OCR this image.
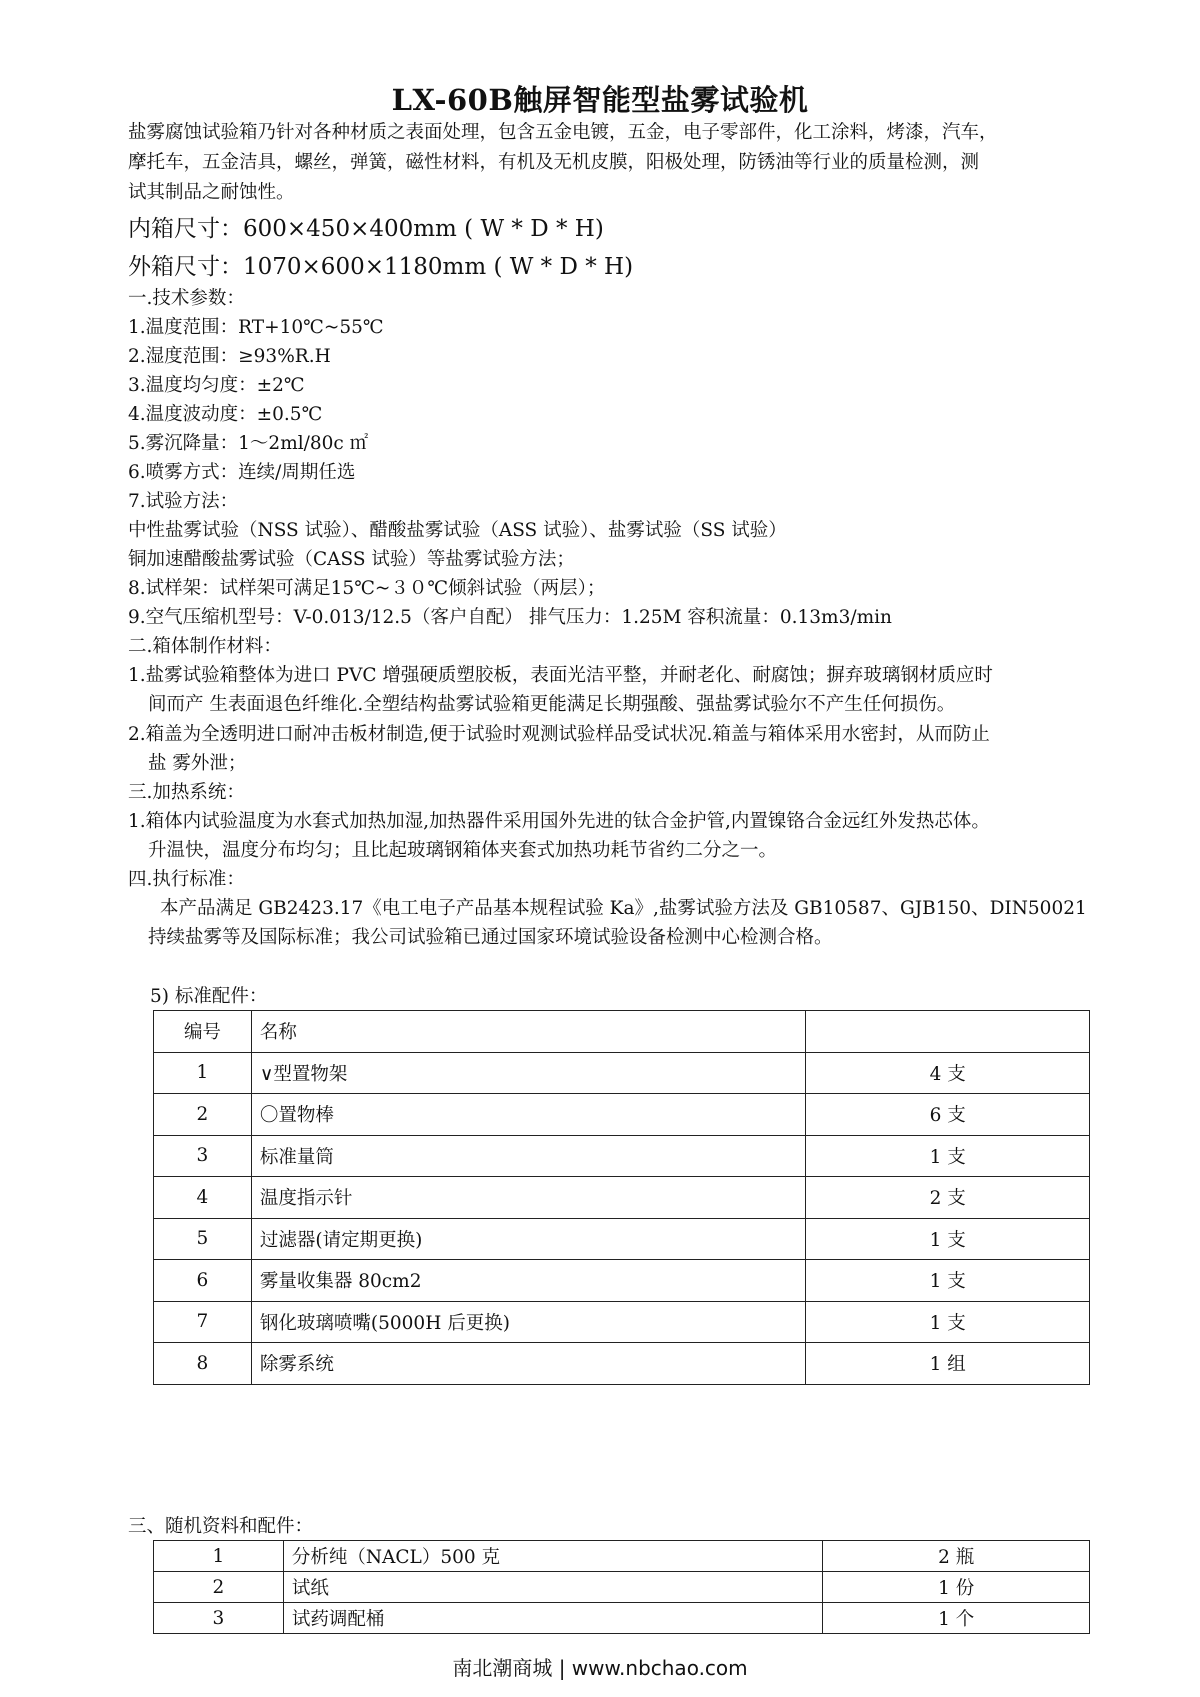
LX-60B触屏智能型盐雾试验机
盐雾腐蚀试验箱乃针对各种材质之表面处理，包含五金电镀，五金，电子零部件，化工涂料，烤漆，汽车，
摩托车，五金洁具，螺丝，弹簧，磁性材料，有机及无机皮膜，阳极处理，防锈油等行业的质量检测，测
试其制品之耐蚀性。
内箱尺寸：600×450×400mm ( W * D * H)
外箱尺寸：1070×600×1180mm ( W * D * H)
一.技术参数：
1.温度范围：RT+10℃~55℃
2.湿度范围：≥93%R.H
3.温度均匀度：±2℃
4.温度波动度：±0.5℃
5.雾沉降量：1～2ml/80c ㎡
6.喷雾方式：连续/周期任选
7.试验方法：
中性盐雾试验（NSS 试验）、醋酸盐雾试验（ASS 试验）、盐雾试验（SS 试验）
铜加速醋酸盐雾试验（CASS 试验）等盐雾试验方法；
8.试样架：试样架可满足15℃~３０℃倾斜试验（两层）；
9.空气压缩机型号：V-0.013/12.5（客户自配） 排气压力：1.25M 容积流量：0.13m3/min
二.箱体制作材料：
1.盐雾试验箱整体为进口 PVC 增强硬质塑胶板，表面光洁平整，并耐老化、耐腐蚀；摒弃玻璃钢材质应时
间而产 生表面退色纤维化.全塑结构盐雾试验箱更能满足长期强酸、强盐雾试验尔不产生任何损伤。
2.箱盖为全透明进口耐冲击板材制造,便于试验时观测试验样品受试状况.箱盖与箱体采用水密封，从而防止
盐 雾外泄；
三.加热系统：
1.箱体内试验温度为水套式加热加湿,加热器件采用国外先进的钛合金护管,内置镍铬合金远红外发热芯体。
升温快，温度分布均匀；且比起玻璃钢箱体夹套式加热功耗节省约二分之一。
四.执行标准：
本产品满足 GB2423.17《电工电子产品基本规程试验 Ka》,盐雾试验方法及 GB10587、GJB150、DIN50021
持续盐雾等及国际标准；我公司试验箱已通过国家环境试验设备检测中心检测合格。
5) 标准配件：
编号	名称	
1	∨型置物架	4 支
2	〇置物棒	6 支
3	标准量筒	1 支
4	温度指示针	2 支
5	过滤器(请定期更换)	1 支
6	雾量收集器 80cm2	1 支
7	钢化玻璃喷嘴(5000H 后更换)	1 支
8	除雾系统	1 组
三、随机资料和配件：
1	分析纯（NACL）500 克	2 瓶
2	试纸	1 份
3	试药调配桶	1 个
南北潮商城 | www.nbchao.com
